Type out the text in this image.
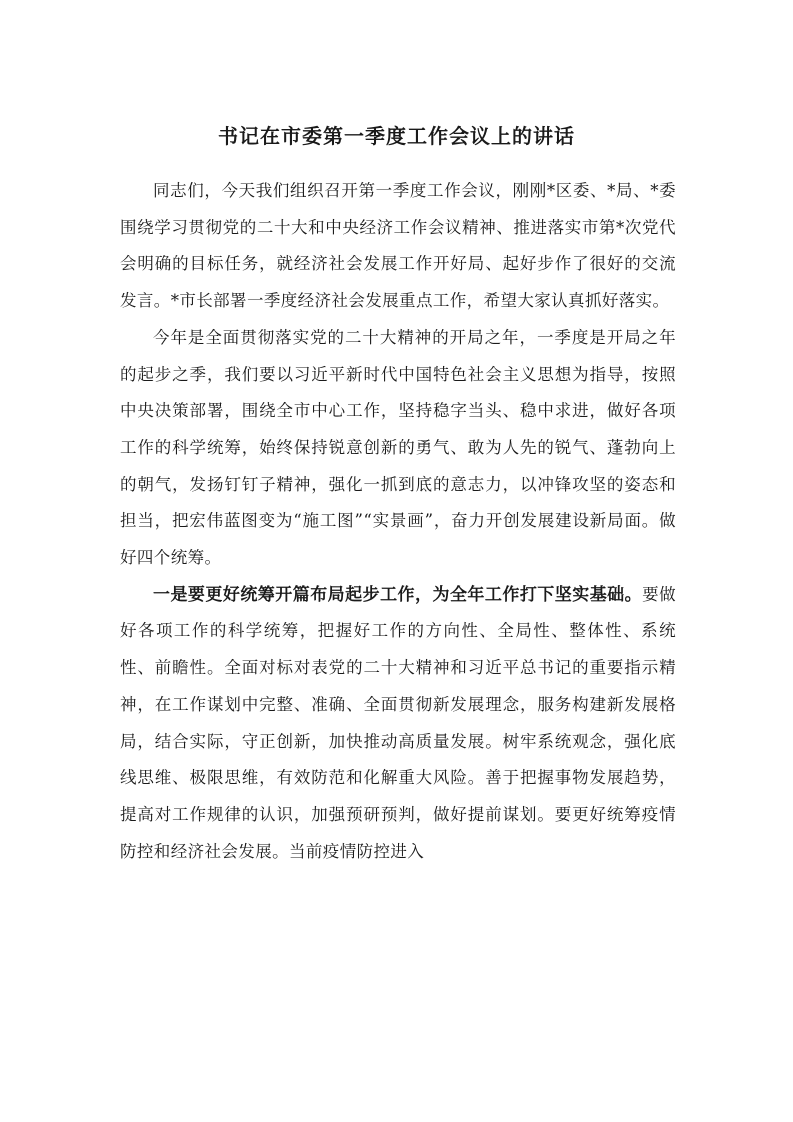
书记在市委第一季度工作会议上的讲话

同志们，今天我们组织召开第一季度工作会议，刚刚*区委、*局、*委围绕学习贯彻党的二十大和中央经济工作会议精神、推进落实市第*次党代会明确的目标任务，就经济社会发展工作开好局、起好步作了很好的交流发言。*市长部署一季度经济社会发展重点工作，希望大家认真抓好落实。

今年是全面贯彻落实党的二十大精神的开局之年，一季度是开局之年的起步之季，我们要以习近平新时代中国特色社会主义思想为指导，按照中央决策部署，围绕全市中心工作，坚持稳字当头、稳中求进，做好各项工作的科学统筹，始终保持锐意创新的勇气、敢为人先的锐气、蓬勃向上的朝气，发扬钉钉子精神，强化一抓到底的意志力，以冲锋攻坚的姿态和担当，把宏伟蓝图变为“施工图”“实景画”，奋力开创发展建设新局面。做好四个统筹。

一是要更好统筹开篇布局起步工作，为全年工作打下坚实基础。要做好各项工作的科学统筹，把握好工作的方向性、全局性、整体性、系统性、前瞻性。全面对标对表党的二十大精神和习近平总书记的重要指示精神，在工作谋划中完整、准确、全面贯彻新发展理念，服务构建新发展格局，结合实际，守正创新，加快推动高质量发展。树牢系统观念，强化底线思维、极限思维，有效防范和化解重大风险。善于把握事物发展趋势，提高对工作规律的认识，加强预研预判，做好提前谋划。要更好统筹疫情防控和经济社会发展。当前疫情防控进入
